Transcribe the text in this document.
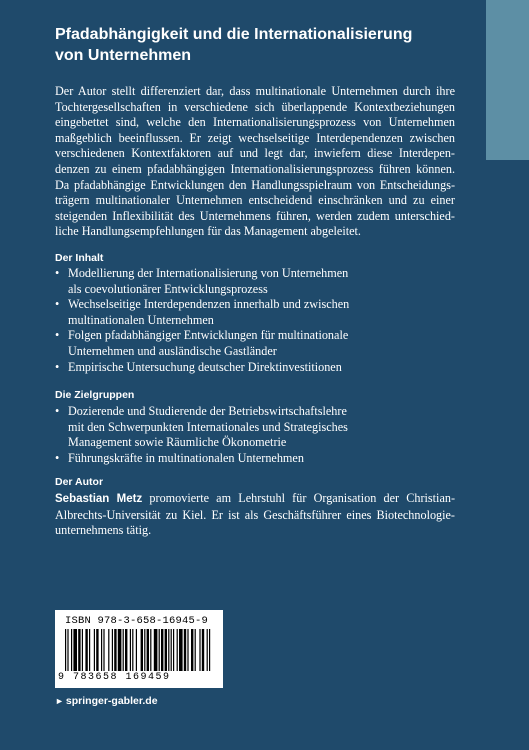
Pfadabhängigkeit und die Internationalisierung
von Unternehmen
Der Autor stellt differenziert dar, dass multinationale Unternehmen durch ihre
Tochtergesellschaften in verschiedene sich überlappende Kontextbeziehungen
eingebettet sind, welche den Internationalisierungsprozess von Unternehmen
maßgeblich beeinflussen. Er zeigt wechselseitige Interdependenzen zwischen
verschiedenen Kontextfaktoren auf und legt dar, inwiefern diese Interdepen-
denzen zu einem pfadabhängigen Internationalisierungsprozess führen können.
Da pfadabhängige Entwicklungen den Handlungsspielraum von Entscheidungs-
trägern multinationaler Unternehmen entscheidend einschränken und zu einer
steigenden Inflexibilität des Unternehmens führen, werden zudem unterschied-
liche Handlungsempfehlungen für das Management abgeleitet.
Der Inhalt
• Modellierung der Internationalisierung von Unternehmen
als coevolutionärer Entwicklungsprozess
• Wechselseitige Interdependenzen innerhalb und zwischen
multinationalen Unternehmen
• Folgen pfadabhängiger Entwicklungen für multinationale
Unternehmen und ausländische Gastländer
• Empirische Untersuchung deutscher Direktinvestitionen
Die Zielgruppen
• Dozierende und Studierende der Betriebswirtschaftslehre
mit den Schwerpunkten Internationales und Strategisches
Management sowie Räumliche Ökonometrie
• Führungskräfte in multinationalen Unternehmen
Der Autor
Sebastian Metz promovierte am Lehrstuhl für Organisation der Christian-
Albrechts-Universität zu Kiel. Er ist als Geschäftsführer eines Biotechnologie-
unternehmens tätig.
ISBN 978-3-658-16945-9
9 783658 169459
► springer-gabler.de
